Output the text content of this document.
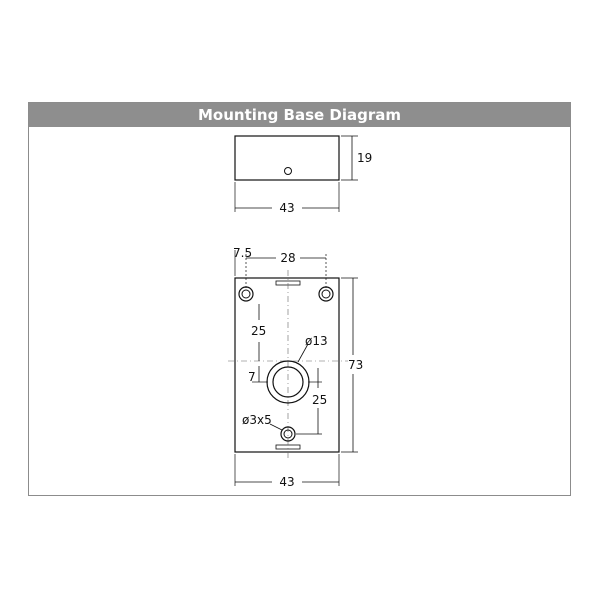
Mounting Base Diagram
19
43
7.5 28
25
ø13
7
25
ø3x5
73
43
